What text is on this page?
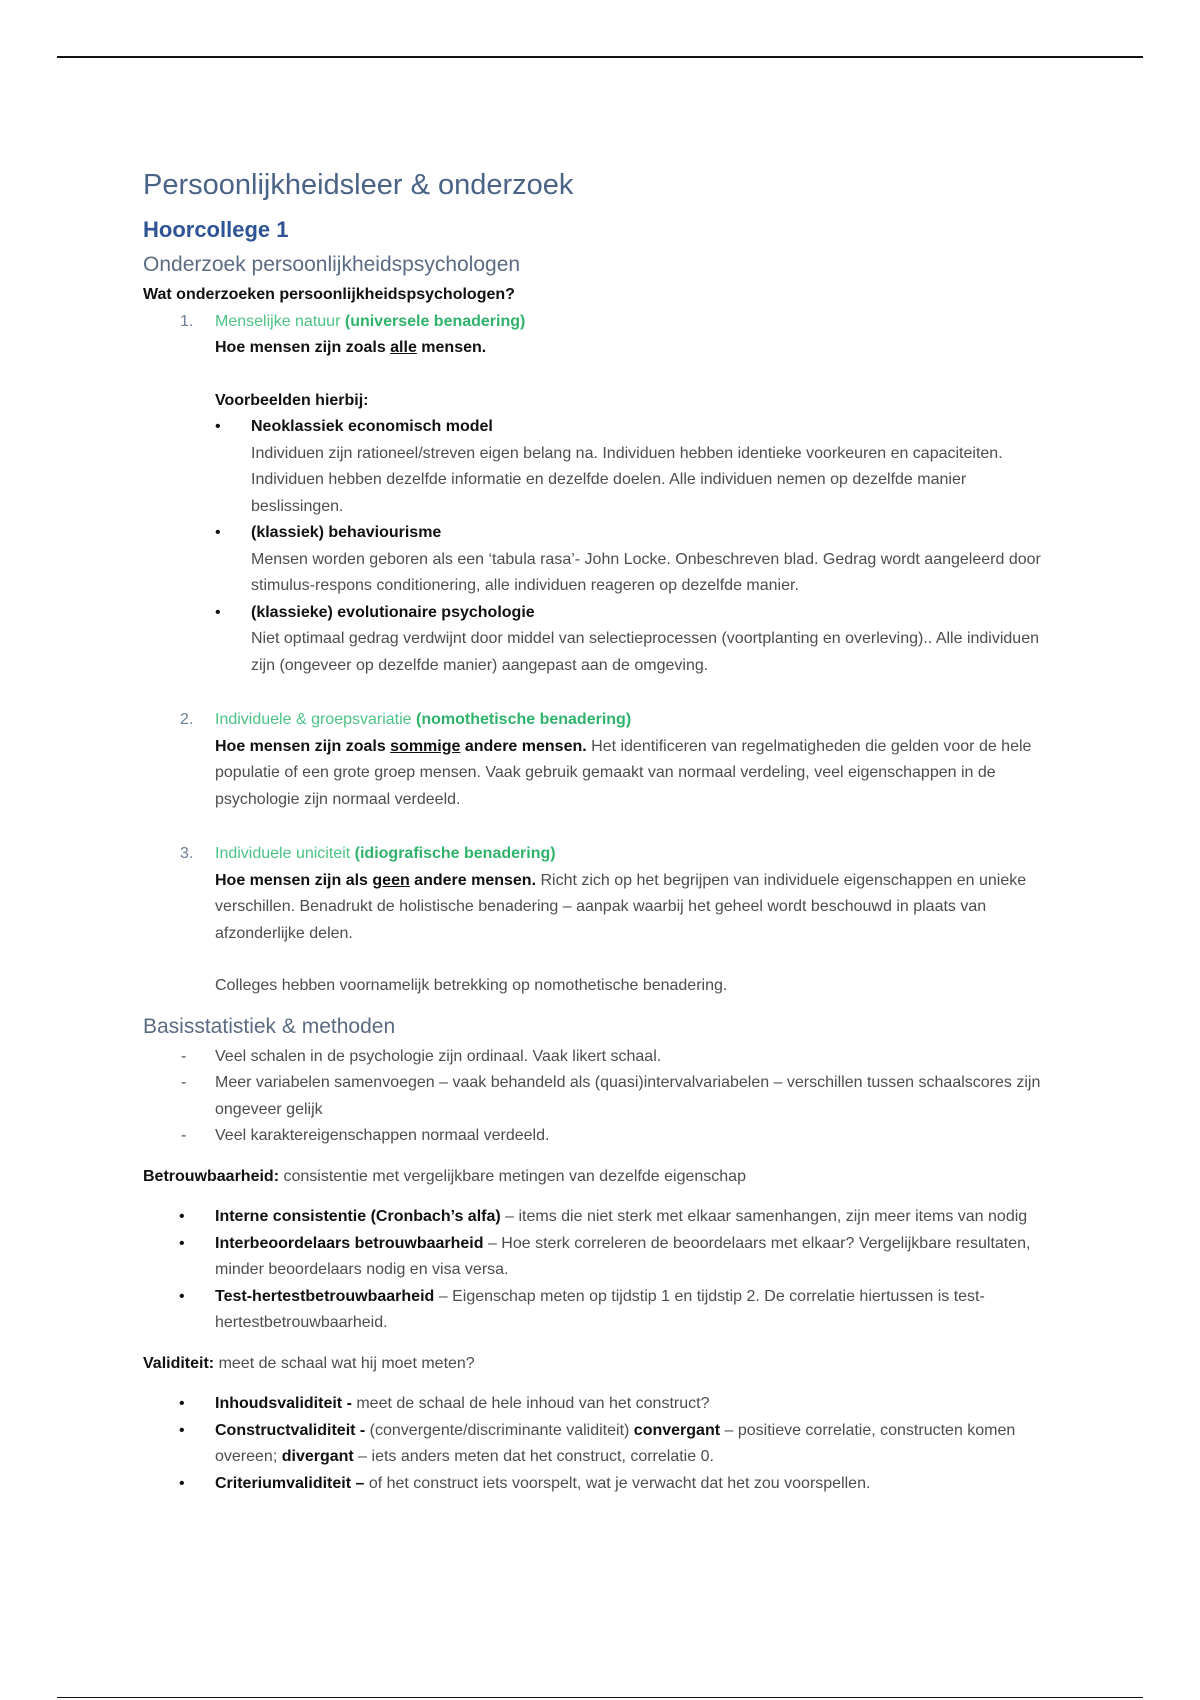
Persoonlijkheidsleer & onderzoek
Hoorcollege 1
Onderzoek persoonlijkheidspsychologen

Wat onderzoeken persoonlijkheidspsychologen?

1. Menselijke natuur (universele benadering)

Hoe mensen zijn zoals alle mensen.

Voorbeelden hierbij:

• Neoklassiek economisch model

Individuen zijn rationeel/streven eigen belang na. Individuen hebben identieke voorkeuren en capaciteiten. Individuen hebben dezelfde informatie en dezelfde doelen. Alle individuen nemen op dezelfde manier beslissingen.

• (klassiek) behaviourisme

Mensen worden geboren als een ‘tabula rasa’- John Locke. Onbeschreven blad. Gedrag wordt aangeleerd door stimulus-respons conditionering, alle individuen reageren op dezelfde manier.

• (klassieke) evolutionaire psychologie

Niet optimaal gedrag verdwijnt door middel van selectieprocessen (voortplanting en overleving).. Alle individuen zijn (ongeveer op dezelfde manier) aangepast aan de omgeving.

2. Individuele & groepsvariatie (nomothetische benadering)

Hoe mensen zijn zoals sommige andere mensen. Het identificeren van regelmatigheden die gelden voor de hele populatie of een grote groep mensen. Vaak gebruik gemaakt van normaal verdeling, veel eigenschappen in de psychologie zijn normaal verdeeld.

3. Individuele uniciteit (idiografische benadering)

Hoe mensen zijn als geen andere mensen. Richt zich op het begrijpen van individuele eigenschappen en unieke verschillen. Benadrukt de holistische benadering – aanpak waarbij het geheel wordt beschouwd in plaats van afzonderlijke delen.

Colleges hebben voornamelijk betrekking op nomothetische benadering.

Basisstatistiek & methoden
- Veel schalen in de psychologie zijn ordinaal. Vaak likert schaal.

- Meer variabelen samenvoegen – vaak behandeld als (quasi)intervalvariabelen – verschillen tussen schaalscores zijn ongeveer gelijk

- Veel karaktereigenschappen normaal verdeeld.

Betrouwbaarheid: consistentie met vergelijkbare metingen van dezelfde eigenschap

• Interne consistentie (Cronbach’s alfa) – items die niet sterk met elkaar samenhangen, zijn meer items van nodig

• Interbeoordelaars betrouwbaarheid – Hoe sterk correleren de beoordelaars met elkaar? Vergelijkbare resultaten, minder beoordelaars nodig en visa versa.

• Test-hertestbetrouwbaarheid – Eigenschap meten op tijdstip 1 en tijdstip 2. De correlatie hiertussen is test-hertestbetrouwbaarheid.

Validiteit: meet de schaal wat hij moet meten?

• Inhoudsvaliditeit - meet de schaal de hele inhoud van het construct?

• Constructvaliditeit - (convergente/discriminante validiteit) convergant – positieve correlatie, constructen komen overeen; divergant – iets anders meten dat het construct, correlatie 0.

• Criteriumvaliditeit – of het construct iets voorspelt, wat je verwacht dat het zou voorspellen.
